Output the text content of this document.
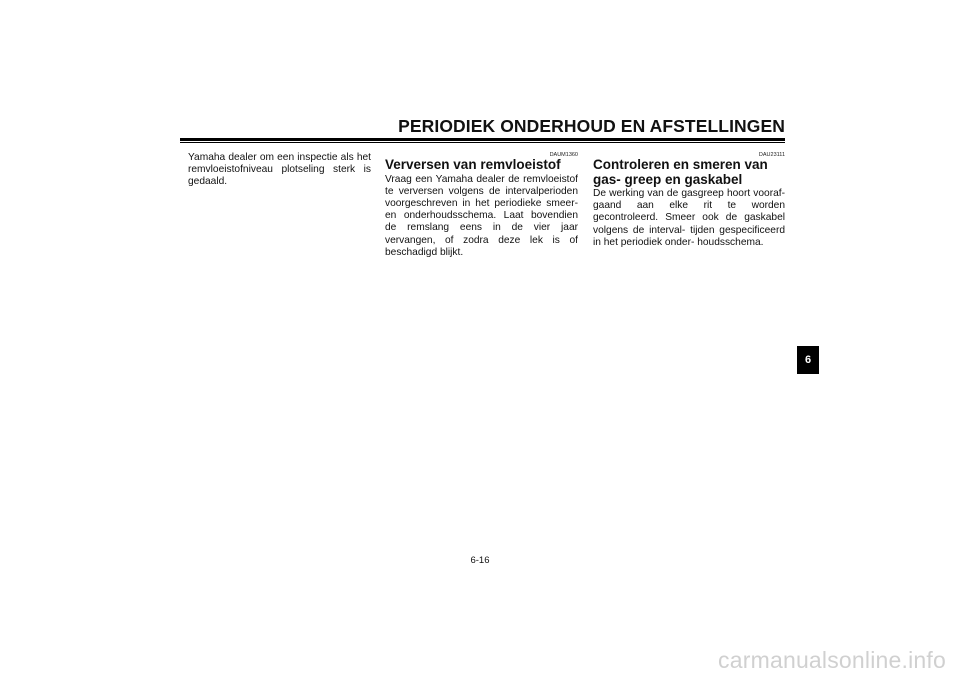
PERIODIEK ONDERHOUD EN AFSTELLINGEN

Yamaha dealer om een inspectie als het remvloeistofniveau plotseling sterk is gedaald.

DAUM1360
Verversen van remvloeistof

Vraag een Yamaha dealer de remvloeistof te verversen volgens de intervalperioden voorgeschreven in het periodieke smeer- en onderhoudsschema. Laat bovendien de remslang eens in de vier jaar vervangen, of zodra deze lek is of beschadigd blijkt.

DAU23111
Controleren en smeren van gas- greep en gaskabel

De werking van de gasgreep hoort vooraf- gaand aan elke rit te worden gecontroleerd. Smeer ook de gaskabel volgens de interval- tijden gespecificeerd in het periodiek onder- houdsschema.

6
6-16
carmanualsonline.info
